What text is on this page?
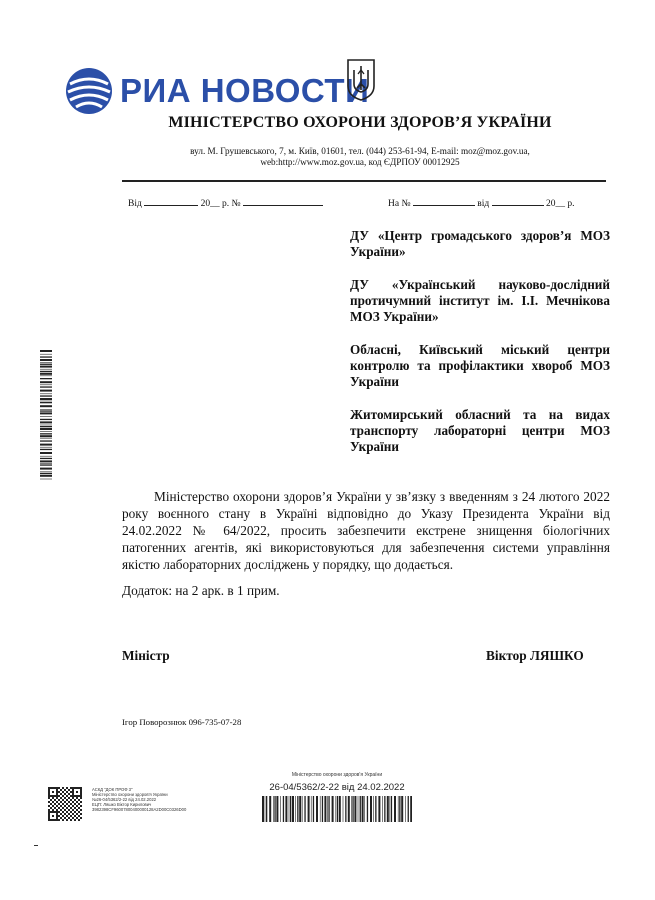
РИА НОВОСТИ
МІНІСТЕРСТВО ОХОРОНИ ЗДОРОВ’Я УКРАЇНИ
вул. М. Грушевського, 7, м. Київ, 01601, тел. (044) 253-61-94, E-mail: moz@moz.gov.ua,
web:http://www.moz.gov.ua, код ЄДРПОУ 00012925
Від	20__ р. №	На №	від	20__ р.

ДУ «Центр громадського здоров’я МОЗ України»

ДУ «Український науково-дослідний протичумний інститут ім. І.І. Мечнікова МОЗ України»

Обласні, Київський міський центри контролю та профілактики хвороб МОЗ України

Житомирський обласний та на видах транспорту лабораторні центри МОЗ України

Міністерство охорони здоров’я України у зв’язку з введенням з 24 лютого 2022 року воєнного стану в Україні відповідно до Указу Президента України від 24.02.2022 № 64/2022, просить забезпечити екстрене знищення біологічних патогенних агентів, які використовуються для забезпечення системи управління якістю лабораторних досліджень у порядку, що додається.

Додаток: на 2 арк. в 1 прим.
Міністр	Віктор ЛЯШКО
Ігор Поворознюк 096-735-07-28
АСКД "ДОК ПРОФ 3"
Міністерство охорони здоров'я України
№26-04/5362/2-22 від 24.02.2022
ЕЦП: Ляшко Віктор Кирилович
3982398CF96007800400000128A2D00C0326D00
Міністерство охорони здоров'я України
26-04/5362/2-22 від 24.02.2022
